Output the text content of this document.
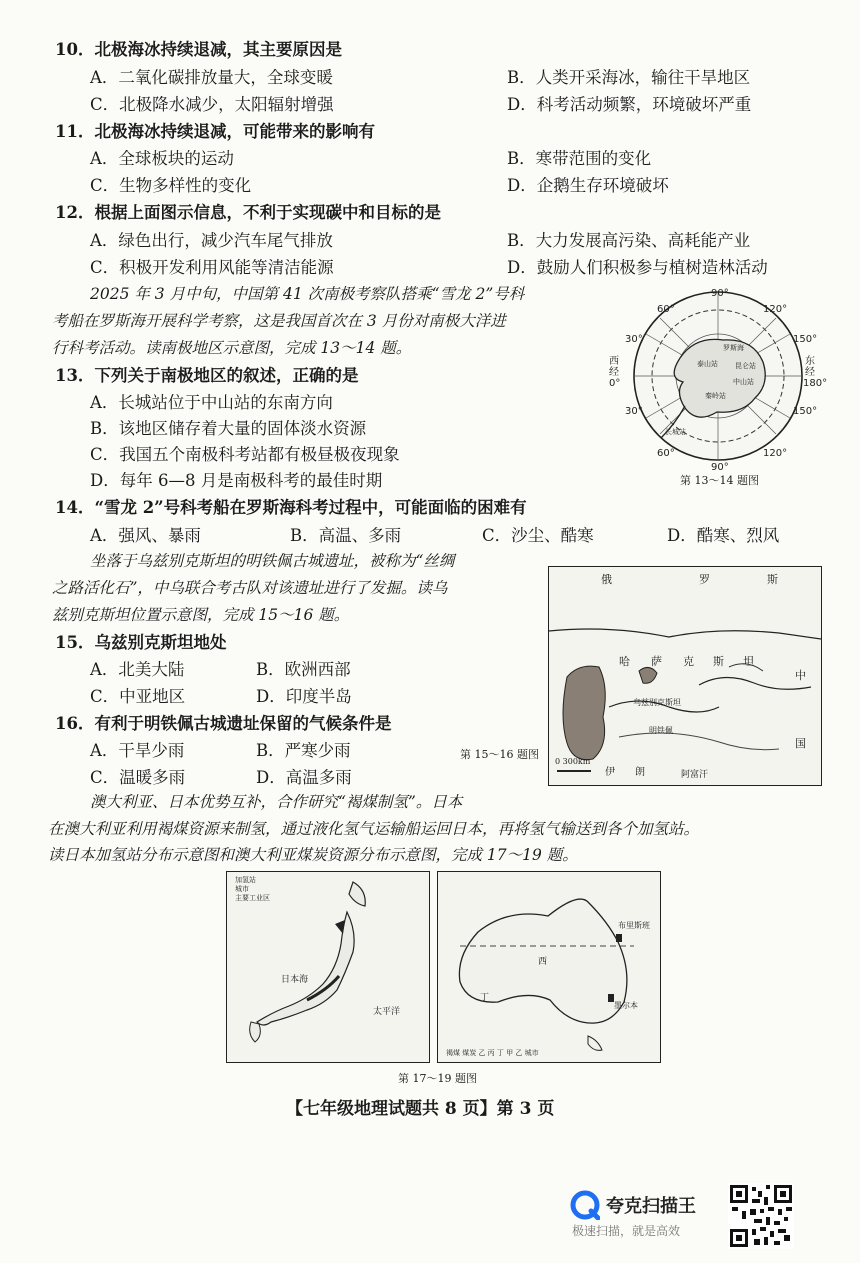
10．北极海冰持续退减，其主要原因是
A．二氧化碳排放量大，全球变暖	B．人类开采海冰，输往干旱地区
C．北极降水减少，太阳辐射增强	D．科考活动频繁，环境破坏严重
11．北极海冰持续退减，可能带来的影响有
A．全球板块的运动	B．寒带范围的变化
C．生物多样性的变化	D．企鹅生存环境破坏
12．根据上面图示信息，不利于实现碳中和目标的是
A．绿色出行，减少汽车尾气排放	B．大力发展高污染、高耗能产业
C．积极开发利用风能等清洁能源	D．鼓励人们积极参与植树造林活动
2025 年 3 月中旬，中国第 41 次南极考察队搭乘“雪龙 2”号科
考船在罗斯海开展科学考察，这是我国首次在 3 月份对南极大洋进
行科考活动。读南极地区示意图，完成 13～14 题。
13．下列关于南极地区的叙述，正确的是
A．长城站位于中山站的东南方向
B．该地区储存着大量的固体淡水资源
C．我国五个南极科考站都有极昼极夜现象
D．每年 6—8 月是南极科考的最佳时期
14．“雪龙 2”号科考船在罗斯海科考过程中，可能面临的困难有
A．强风、暴雨	B．高温、多雨	C．沙尘、酷寒	D．酷寒、烈风
泰山站 昆仑站
中山站
秦岭站
长城站
罗斯海
90°
60°	120°
30°	150°
30°	150°
60°	120°
90°
西
经
0°
东
经
180°
第 13～14 题图
坐落于乌兹别克斯坦的明铁佩古城遗址，被称为“丝绸
之路活化石”，中乌联合考古队对该遗址进行了发掘。读乌
兹别克斯坦位置示意图，完成 15～16 题。
15．乌兹别克斯坦地处
A．北美大陆	B．欧洲西部
C．中亚地区	D．印度半岛
16．有利于明铁佩古城遗址保留的气候条件是
A．干旱少雨	B．严寒少雨
C．温暖多雨	D．高温多雨
俄	罗	斯
哈 萨 克 斯 坦
中
国
乌兹别克斯坦
明铁佩
伊 朗	阿富汗
0 300km
第 15～16 题图
澳大利亚、日本优势互补，合作研究“褐煤制氢”。日本
在澳大利亚利用褐煤资源来制氢，通过液化氢气运输船运回日本，再将氢气输送到各个加氢站。
读日本加氢站分布示意图和澳大利亚煤炭资源分布示意图，完成 17～19 题。
加氢站
城市
主要工业区
日本海
太平洋
西
丁
布里斯班
墨尔本
褐煤 煤炭 乙 丙 丁 甲 乙 城市
第 17～19 题图
【七年级地理试题共 8 页】第 3 页
夸克扫描王
极速扫描，就是高效
